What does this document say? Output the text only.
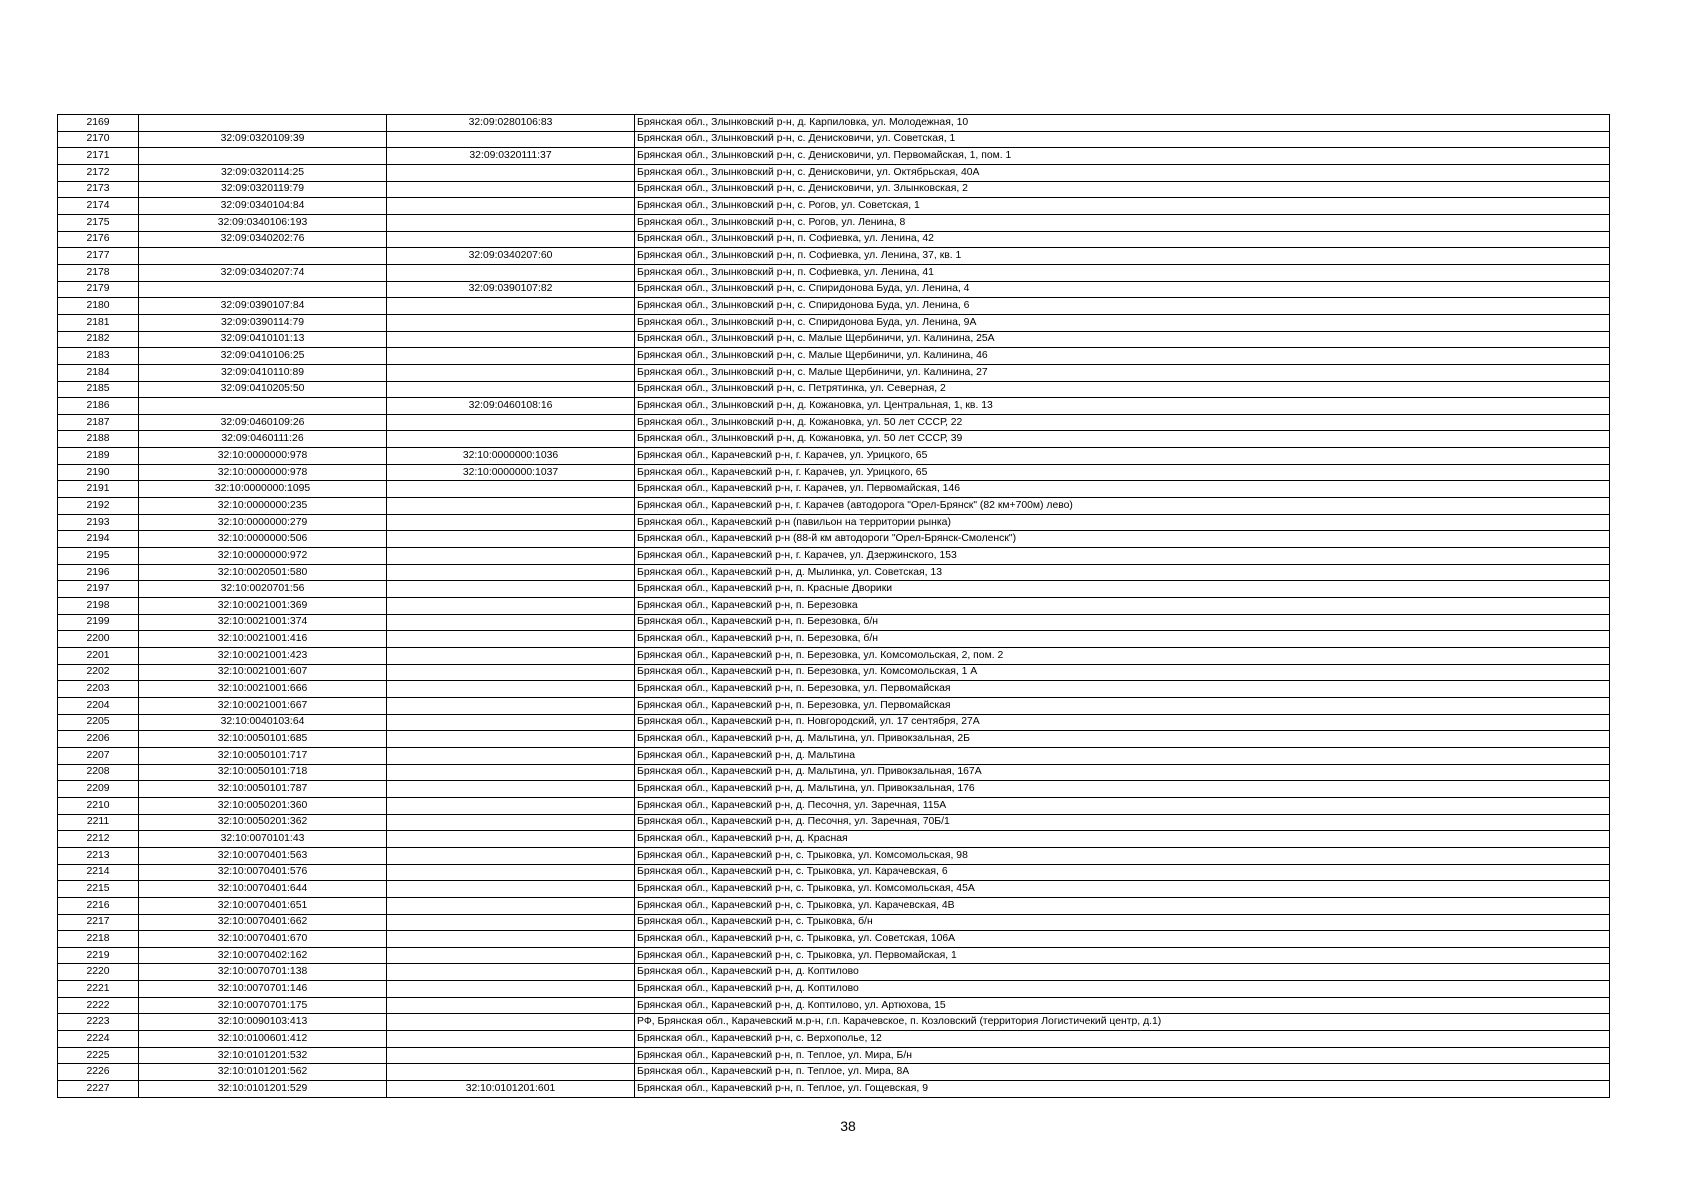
2169		32:09:0280106:83	Брянская обл., Злынковский р-н, д. Карпиловка, ул. Молодежная, 10
2170	32:09:0320109:39		Брянская обл., Злынковский р-н, с. Денисковичи, ул. Советская, 1
2171		32:09:0320111:37	Брянская обл., Злынковский р-н, с. Денисковичи, ул. Первомайская, 1, пом. 1
2172	32:09:0320114:25		Брянская обл., Злынковский р-н, с. Денисковичи, ул. Октябрьская, 40А
2173	32:09:0320119:79		Брянская обл., Злынковский р-н, с. Денисковичи, ул. Злынковская, 2
2174	32:09:0340104:84		Брянская обл., Злынковский р-н, с. Рогов, ул. Советская, 1
2175	32:09:0340106:193		Брянская обл., Злынковский р-н, с. Рогов, ул. Ленина, 8
2176	32:09:0340202:76		Брянская обл., Злынковский р-н, п. Софиевка, ул. Ленина, 42
2177		32:09:0340207:60	Брянская обл., Злынковский р-н, п. Софиевка, ул. Ленина, 37, кв. 1
2178	32:09:0340207:74		Брянская обл., Злынковский р-н, п. Софиевка, ул. Ленина, 41
2179		32:09:0390107:82	Брянская обл., Злынковский р-н, с. Спиридонова Буда, ул. Ленина, 4
2180	32:09:0390107:84		Брянская обл., Злынковский р-н, с. Спиридонова Буда, ул. Ленина, 6
2181	32:09:0390114:79		Брянская обл., Злынковский р-н, с. Спиридонова Буда, ул. Ленина, 9А
2182	32:09:0410101:13		Брянская обл., Злынковский р-н, с. Малые Щербиничи, ул. Калинина, 25А
2183	32:09:0410106:25		Брянская обл., Злынковский р-н, с. Малые Щербиничи, ул. Калинина, 46
2184	32:09:0410110:89		Брянская обл., Злынковский р-н, с. Малые Щербиничи, ул. Калинина, 27
2185	32:09:0410205:50		Брянская обл., Злынковский р-н, с. Петрятинка, ул. Северная, 2
2186		32:09:0460108:16	Брянская обл., Злынковский р-н, д. Кожановка, ул. Центральная, 1, кв. 13
2187	32:09:0460109:26		Брянская обл., Злынковский р-н, д. Кожановка, ул. 50 лет СССР, 22
2188	32:09:0460111:26		Брянская обл., Злынковский р-н, д. Кожановка, ул. 50 лет СССР, 39
2189	32:10:0000000:978	32:10:0000000:1036	Брянская обл., Карачевский р-н, г. Карачев, ул. Урицкого, 65
2190	32:10:0000000:978	32:10:0000000:1037	Брянская обл., Карачевский р-н, г. Карачев, ул. Урицкого, 65
2191	32:10:0000000:1095		Брянская обл., Карачевский р-н, г. Карачев, ул. Первомайская, 146
2192	32:10:0000000:235		Брянская обл., Карачевский р-н, г. Карачев (автодорога "Орел-Брянск" (82 км+700м) лево)
2193	32:10:0000000:279		Брянская обл., Карачевский р-н (павильон на территории рынка)
2194	32:10:0000000:506		Брянская обл., Карачевский р-н (88-й км автодороги "Орел-Брянск-Смоленск")
2195	32:10:0000000:972		Брянская обл., Карачевский р-н, г. Карачев, ул. Дзержинского, 153
2196	32:10:0020501:580		Брянская обл., Карачевский р-н, д. Мылинка, ул. Советская, 13
2197	32:10:0020701:56		Брянская обл., Карачевский р-н, п. Красные Дворики
2198	32:10:0021001:369		Брянская обл., Карачевский р-н, п. Березовка
2199	32:10:0021001:374		Брянская обл., Карачевский р-н, п. Березовка, б/н
2200	32:10:0021001:416		Брянская обл., Карачевский р-н, п. Березовка, б/н
2201	32:10:0021001:423		Брянская обл., Карачевский р-н, п. Березовка, ул. Комсомольская, 2, пом. 2
2202	32:10:0021001:607		Брянская обл., Карачевский р-н, п. Березовка, ул. Комсомольская, 1 А
2203	32:10:0021001:666		Брянская обл., Карачевский р-н, п. Березовка, ул. Первомайская
2204	32:10:0021001:667		Брянская обл., Карачевский р-н, п. Березовка, ул. Первомайская
2205	32:10:0040103:64		Брянская обл., Карачевский р-н, п. Новгородский, ул. 17 сентября, 27А
2206	32:10:0050101:685		Брянская обл., Карачевский р-н, д. Мальтина, ул. Привокзальная, 2Б
2207	32:10:0050101:717		Брянская обл., Карачевский р-н, д. Мальтина
2208	32:10:0050101:718		Брянская обл., Карачевский р-н, д. Мальтина, ул. Привокзальная, 167А
2209	32:10:0050101:787		Брянская обл., Карачевский р-н, д. Мальтина, ул. Привокзальная, 176
2210	32:10:0050201:360		Брянская обл., Карачевский р-н, д. Песочня, ул. Заречная, 115А
2211	32:10:0050201:362		Брянская обл., Карачевский р-н, д. Песочня, ул. Заречная, 70Б/1
2212	32:10:0070101:43		Брянская обл., Карачевский р-н, д. Красная
2213	32:10:0070401:563		Брянская обл., Карачевский р-н, с. Трыковка, ул. Комсомольская, 98
2214	32:10:0070401:576		Брянская обл., Карачевский р-н, с. Трыковка, ул. Карачевская, 6
2215	32:10:0070401:644		Брянская обл., Карачевский р-н, с. Трыковка, ул. Комсомольская, 45А
2216	32:10:0070401:651		Брянская обл., Карачевский р-н, с. Трыковка, ул. Карачевская, 4В
2217	32:10:0070401:662		Брянская обл., Карачевский р-н, с. Трыковка, б/н
2218	32:10:0070401:670		Брянская обл., Карачевский р-н, с. Трыковка, ул. Советская, 106А
2219	32:10:0070402:162		Брянская обл., Карачевский р-н, с. Трыковка, ул. Первомайская, 1
2220	32:10:0070701:138		Брянская обл., Карачевский р-н, д. Коптилово
2221	32:10:0070701:146		Брянская обл., Карачевский р-н, д. Коптилово
2222	32:10:0070701:175		Брянская обл., Карачевский р-н, д. Коптилово, ул. Артюхова, 15
2223	32:10:0090103:413		РФ, Брянская обл., Карачевский м.р-н, г.п. Карачевское, п. Козловский (территория Логистичекий центр, д.1)
2224	32:10:0100601:412		Брянская обл., Карачевский р-н, с. Верхополье, 12
2225	32:10:0101201:532		Брянская обл., Карачевский р-н, п. Теплое, ул. Мира, Б/н
2226	32:10:0101201:562		Брянская обл., Карачевский р-н, п. Теплое, ул. Мира, 8А
2227	32:10:0101201:529	32:10:0101201:601	Брянская обл., Карачевский р-н, п. Теплое, ул. Гощевская, 9
38
